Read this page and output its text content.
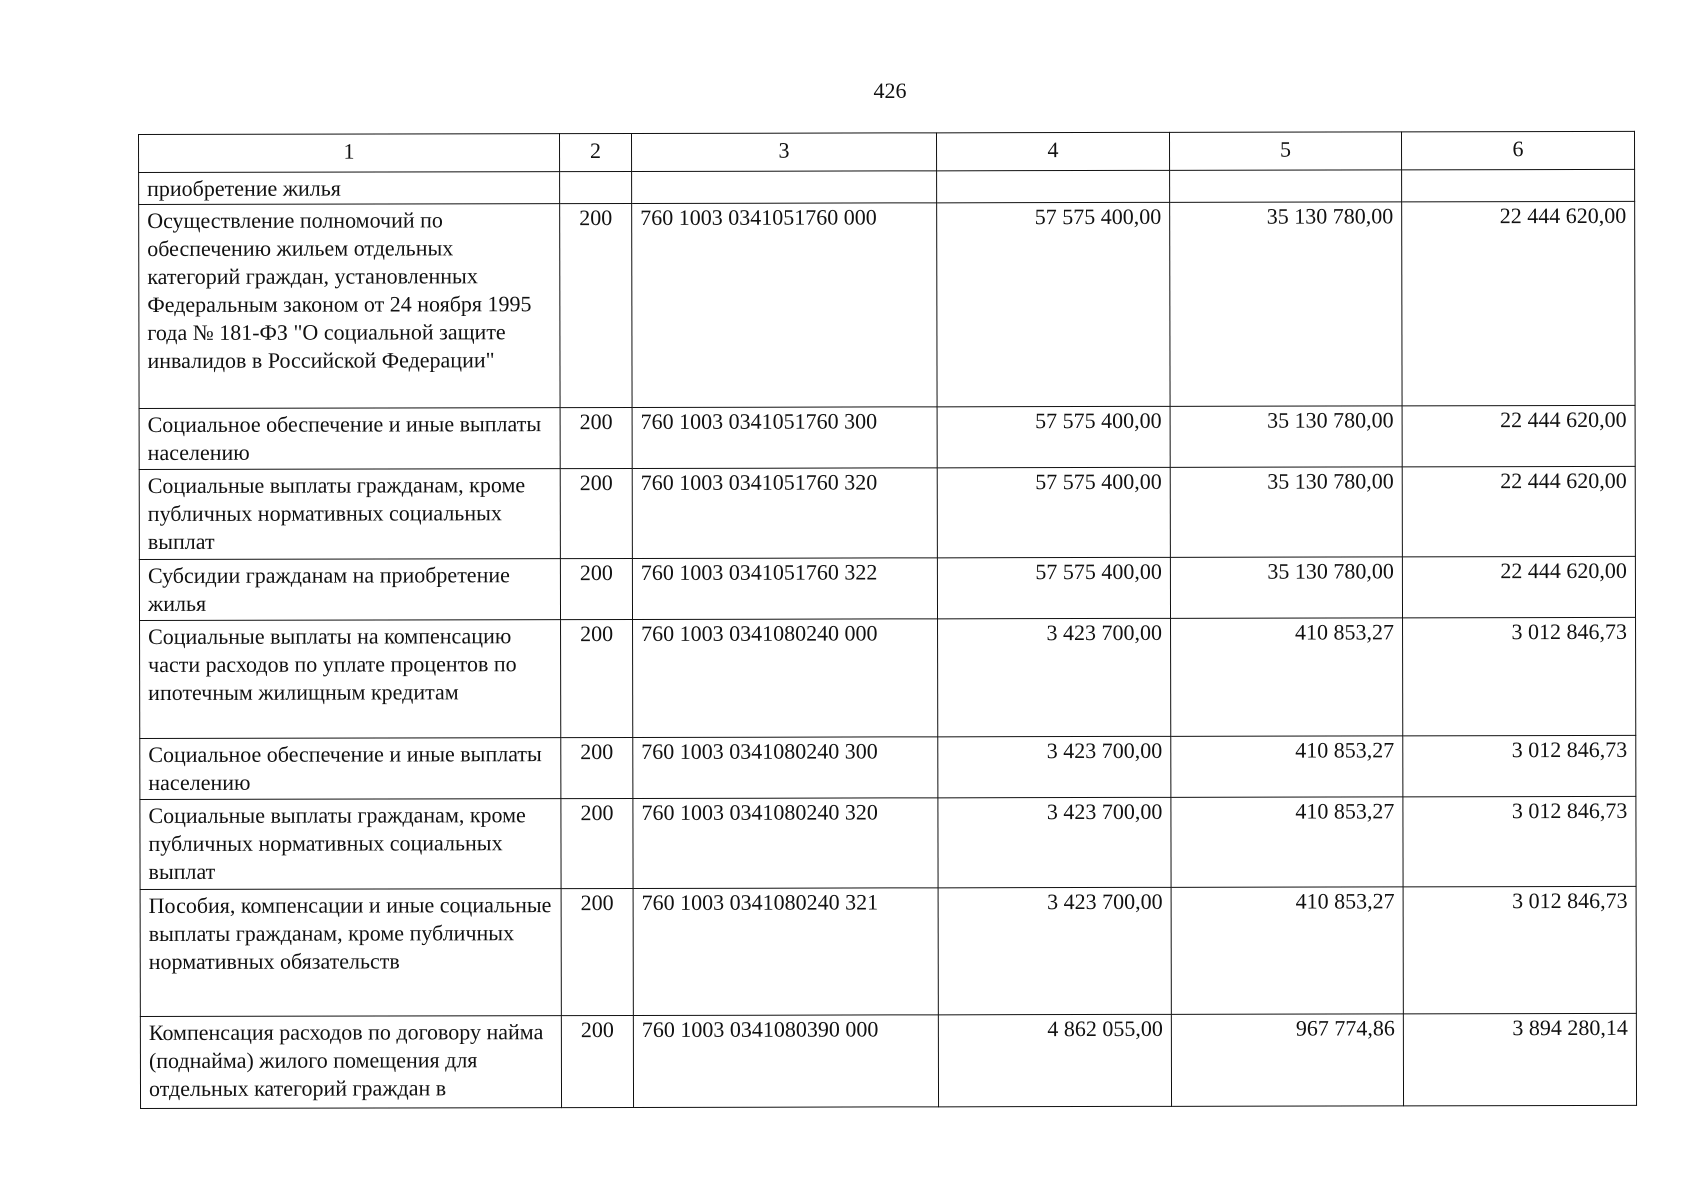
426
1	2	3	4	5	6
приобретение жилья					
Осуществление полномочий по обеспечению жильем отдельных категорий граждан, установленных Федеральным законом от 24 ноября 1995 года № 181-ФЗ "О социальной защите инвалидов в Российской Федерации"	200	760 1003 0341051760 000	57 575 400,00	35 130 780,00	22 444 620,00
Социальное обеспечение и иные выплаты населению	200	760 1003 0341051760 300	57 575 400,00	35 130 780,00	22 444 620,00
Социальные выплаты гражданам, кроме публичных нормативных социальных выплат	200	760 1003 0341051760 320	57 575 400,00	35 130 780,00	22 444 620,00
Субсидии гражданам на приобретение жилья	200	760 1003 0341051760 322	57 575 400,00	35 130 780,00	22 444 620,00
Социальные выплаты на компенсацию части расходов по уплате процентов по ипотечным жилищным кредитам	200	760 1003 0341080240 000	3 423 700,00	410 853,27	3 012 846,73
Социальное обеспечение и иные выплаты населению	200	760 1003 0341080240 300	3 423 700,00	410 853,27	3 012 846,73
Социальные выплаты гражданам, кроме публичных нормативных социальных выплат	200	760 1003 0341080240 320	3 423 700,00	410 853,27	3 012 846,73
Пособия, компенсации и иные социальные выплаты гражданам, кроме публичных нормативных обязательств	200	760 1003 0341080240 321	3 423 700,00	410 853,27	3 012 846,73
Компенсация расходов по договору найма (поднайма) жилого помещения для отдельных категорий граждан в	200	760 1003 0341080390 000	4 862 055,00	967 774,86	3 894 280,14
